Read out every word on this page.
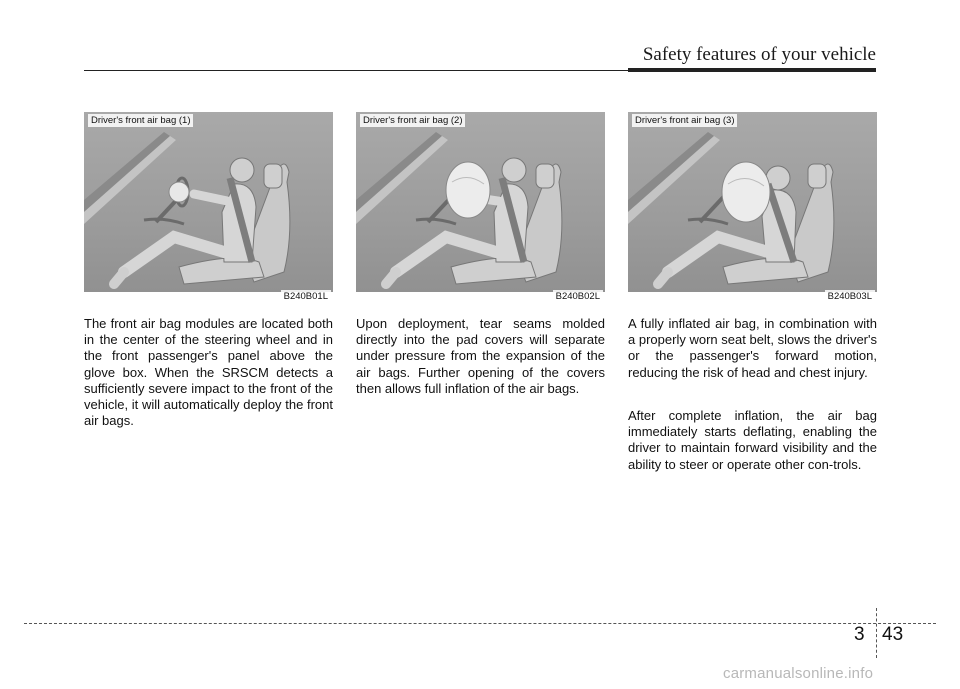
Safety features of your vehicle
Driver's front air bag (1)
B240B01L
Driver's front air bag (2)
B240B02L
Driver's front air bag (3)
B240B03L

The front air bag modules are located both in the center of the steering wheel and in the front passenger's panel above the glove box. When the SRSCM detects a sufficiently severe impact to the front of the vehicle, it will automatically deploy the front air bags.

Upon deployment, tear seams molded directly into the pad covers will separate under pressure from the expansion of the air bags. Further opening of the covers then allows full inflation of the air bags.

A fully inflated air bag, in combination with a properly worn seat belt, slows the driver's or the passenger's forward motion, reducing the risk of head and chest injury.

After complete inflation, the air bag immediately starts deflating, enabling the driver to maintain forward visibility and the ability to steer or operate other con-trols.

3 43
carmanualsonline.info
